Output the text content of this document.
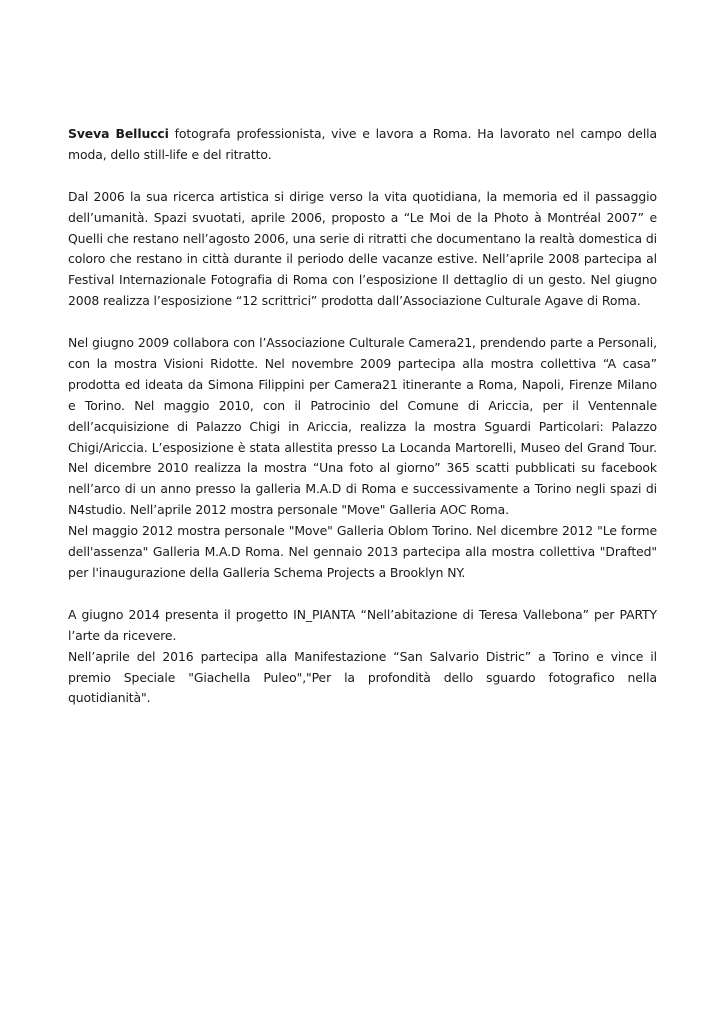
Sveva Bellucci fotografa professionista, vive e lavora a Roma. Ha lavorato nel campo della moda, dello still-life e del ritratto.

Dal 2006 la sua ricerca artistica si dirige verso la vita quotidiana, la memoria ed il passaggio dell’umanità. Spazi svuotati, aprile 2006, proposto a “Le Moi de la Photo à Montréal 2007” e Quelli che restano nell’agosto 2006, una serie di ritratti che documentano la realtà domestica di coloro che restano in città durante il periodo delle vacanze estive. Nell’aprile 2008 partecipa al Festival Internazionale Fotografia di Roma con l’esposizione Il dettaglio di un gesto. Nel giugno 2008 realizza l’esposizione “12 scrittrici” prodotta dall’Associazione Culturale Agave di Roma.

Nel giugno 2009 collabora con l’Associazione Culturale Camera21, prendendo parte a Personali, con la mostra Visioni Ridotte. Nel novembre 2009 partecipa alla mostra collettiva “A casa” prodotta ed ideata da Simona Filippini per Camera21 itinerante a Roma, Napoli, Firenze Milano e Torino. Nel maggio 2010, con il Patrocinio del Comune di Ariccia, per il Ventennale dell’acquisizione di Palazzo Chigi in Ariccia, realizza la mostra Sguardi Particolari: Palazzo Chigi/Ariccia. L’esposizione è stata allestita presso La Locanda Martorelli, Museo del Grand Tour. Nel dicembre 2010 realizza la mostra “Una foto al giorno” 365 scatti pubblicati su facebook nell’arco di un anno presso la galleria M.A.D di Roma e successivamente a Torino negli spazi di N4studio. Nell’aprile 2012 mostra personale "Move" Galleria AOC Roma.

Nel maggio 2012 mostra personale "Move" Galleria Oblom Torino. Nel dicembre 2012 "Le forme dell'assenza" Galleria M.A.D Roma. Nel gennaio 2013 partecipa alla mostra collettiva "Drafted" per l'inaugurazione della Galleria Schema Projects a Brooklyn NY.

A giugno 2014 presenta il progetto IN_PIANTA “Nell’abitazione di Teresa Vallebona” per PARTY l’arte da ricevere.

Nell’aprile del 2016 partecipa alla Manifestazione “San Salvario Distric” a Torino e vince il premio Speciale "Giachella Puleo","Per la profondità dello sguardo fotografico nella quotidianità".
